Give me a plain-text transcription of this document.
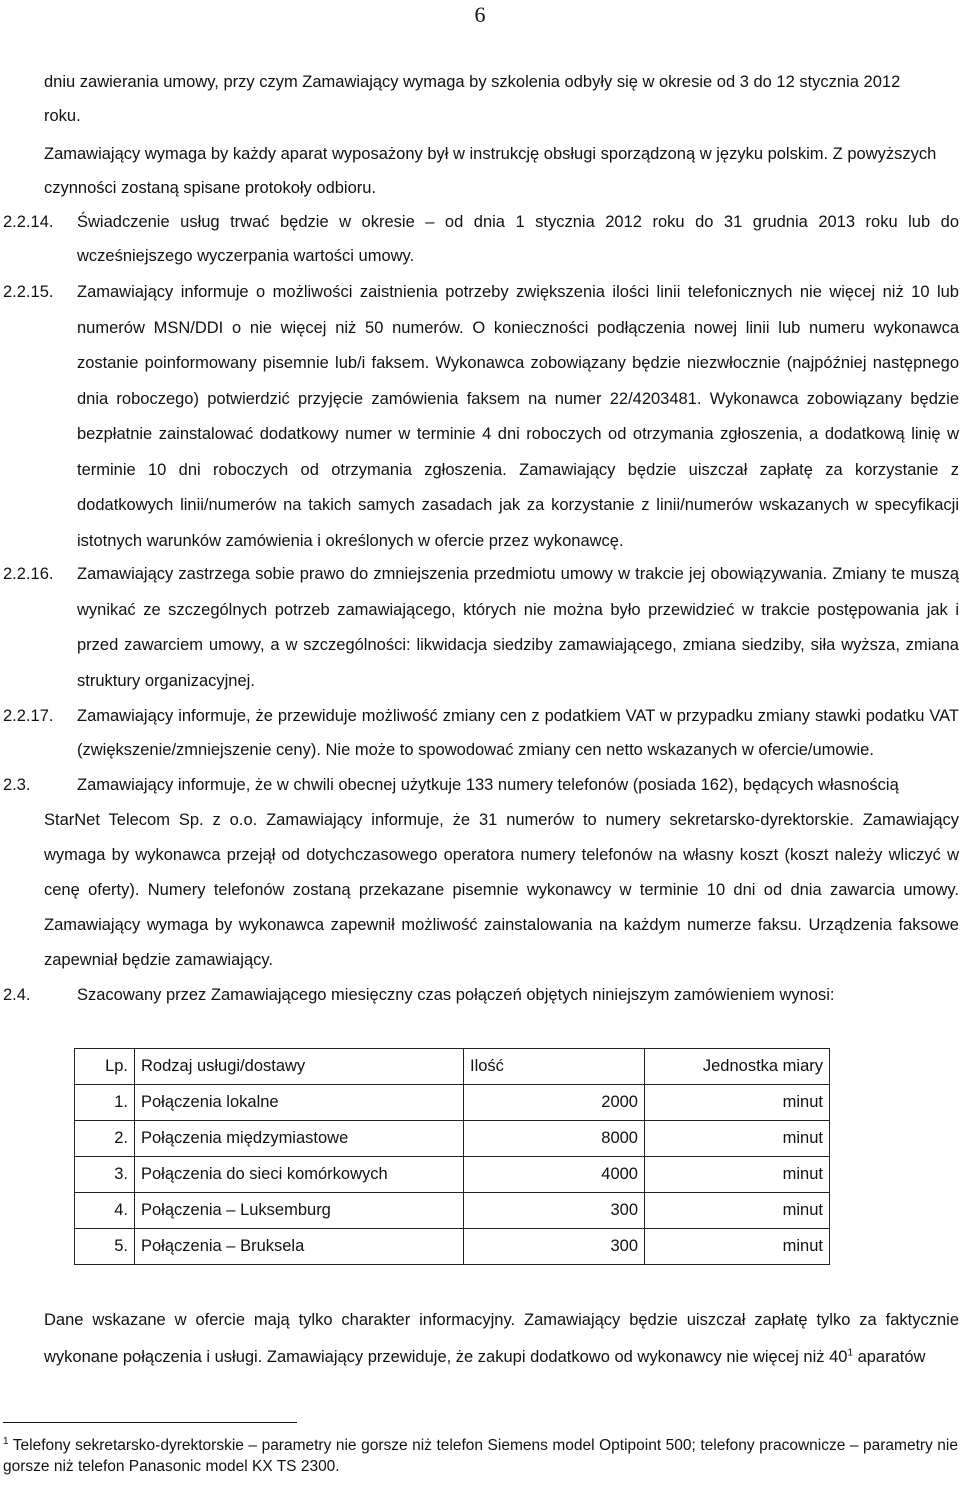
6
dniu zawierania umowy, przy czym Zamawiający wymaga by szkolenia odbyły się w okresie od 3 do 12 stycznia 2012
roku.
Zamawiający wymaga by każdy aparat wyposażony był w instrukcję obsługi sporządzoną w języku polskim. Z powyższych
czynności zostaną spisane protokoły odbioru.
2.2.14. Świadczenie usług trwać będzie w okresie – od dnia 1 stycznia 2012 roku do 31 grudnia 2013 roku lub do wcześniejszego wyczerpania wartości umowy.
2.2.15. Zamawiający informuje o możliwości zaistnienia potrzeby zwiększenia ilości linii telefonicznych nie więcej niż 10 lub numerów MSN/DDI o nie więcej niż 50 numerów. O konieczności podłączenia nowej linii lub numeru wykonawca zostanie poinformowany pisemnie lub/i faksem. Wykonawca zobowiązany będzie niezwłocznie (najpóźniej następnego dnia roboczego) potwierdzić przyjęcie zamówienia faksem na numer 22/4203481. Wykonawca zobowiązany będzie bezpłatnie zainstalować dodatkowy numer w terminie 4 dni roboczych od otrzymania zgłoszenia, a dodatkową linię w terminie 10 dni roboczych od otrzymania zgłoszenia. Zamawiający będzie uiszczał zapłatę za korzystanie z dodatkowych linii/numerów na takich samych zasadach jak za korzystanie z linii/numerów wskazanych w specyfikacji istotnych warunków zamówienia i określonych w ofercie przez wykonawcę.
2.2.16. Zamawiający zastrzega sobie prawo do zmniejszenia przedmiotu umowy w trakcie jej obowiązywania. Zmiany te muszą wynikać ze szczególnych potrzeb zamawiającego, których nie można było przewidzieć w trakcie postępowania jak i przed zawarciem umowy, a w szczególności: likwidacja siedziby zamawiającego, zmiana siedziby, siła wyższa, zmiana struktury organizacyjnej.
2.2.17. Zamawiający informuje, że przewiduje możliwość zmiany cen z podatkiem VAT w przypadku zmiany stawki podatku VAT (zwiększenie/zmniejszenie ceny). Nie może to spowodować zmiany cen netto wskazanych w ofercie/umowie.
2.3.	Zamawiający informuje, że w chwili obecnej użytkuje 133 numery telefonów (posiada 162), będących własnością
StarNet Telecom Sp. z o.o. Zamawiający informuje, że 31 numerów to numery sekretarsko-dyrektorskie. Zamawiający wymaga by wykonawca przejął od dotychczasowego operatora numery telefonów na własny koszt (koszt należy wliczyć w cenę oferty). Numery telefonów zostaną przekazane pisemnie wykonawcy w terminie 10 dni od dnia zawarcia umowy. Zamawiający wymaga by wykonawca zapewnił możliwość zainstalowania na każdym numerze faksu. Urządzenia faksowe zapewniał będzie zamawiający.
2.4.	Szacowany przez Zamawiającego miesięczny czas połączeń objętych niniejszym zamówieniem wynosi:
Lp.	Rodzaj usługi/dostawy	Ilość	Jednostka miary
1.	Połączenia lokalne	2000	minut
2.	Połączenia międzymiastowe	8000	minut
3.	Połączenia do sieci komórkowych	4000	minut
4.	Połączenia – Luksemburg	300	minut
5.	Połączenia – Bruksela	300	minut
Dane wskazane w ofercie mają tylko charakter informacyjny. Zamawiający będzie uiszczał zapłatę tylko za faktycznie wykonane połączenia i usługi. Zamawiający przewiduje, że zakupi dodatkowo od wykonawcy nie więcej niż $40^1$ aparatów
$^1$ Telefony sekretarsko-dyrektorskie – parametry nie gorsze niż telefon Siemens model Optipoint 500; telefony pracownicze – parametry nie gorsze niż telefon Panasonic model KX TS 2300.
